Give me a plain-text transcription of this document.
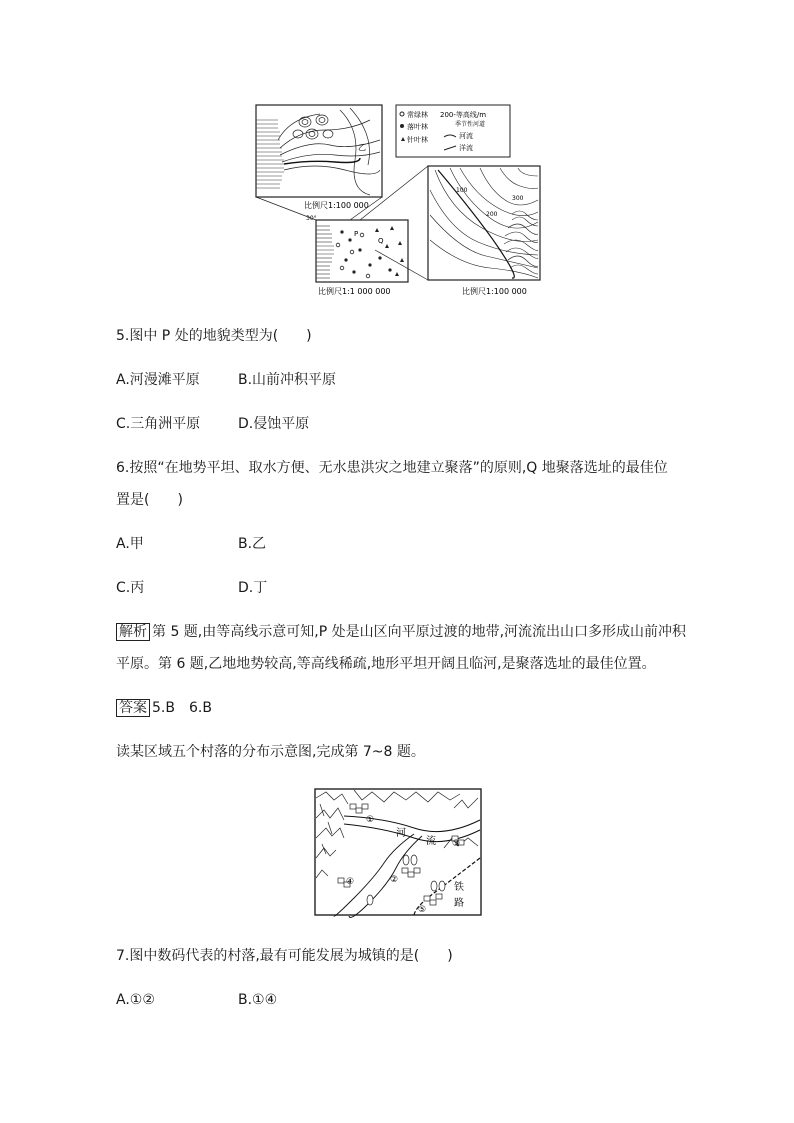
乙
常绿林 200-等高线/m
落叶林	季节性河道
针叶林	河流
洋流
比例尺1:100 000
P
Q
30°
比例尺1:1 000 000
100
200
300
比例尺1:100 000
5.图中 P 处的地貌类型为(　　)
A.河漫滩平原	B.山前冲积平原
C.三角洲平原	D.侵蚀平原
6.按照“在地势平坦、取水方便、无水患洪灾之地建立聚落”的原则,Q 地聚落选址的最佳位
置是(　　)
A.甲	B.乙
C.丙	D.丁
解析 第 5 题,由等高线示意可知,P 处是山区向平原过渡的地带,河流流出山口多形成山前冲积
平原。第 6 题,乙地地势较高,等高线稀疏,地形平坦开阔且临河,是聚落选址的最佳位置。
答案 5.B　6.B
读某区域五个村落的分布示意图,完成第 7~8 题。
①
河
流 ③
④	②
⑤
铁
路
7.图中数码代表的村落,最有可能发展为城镇的是(　　)
A.①②	B.①④
